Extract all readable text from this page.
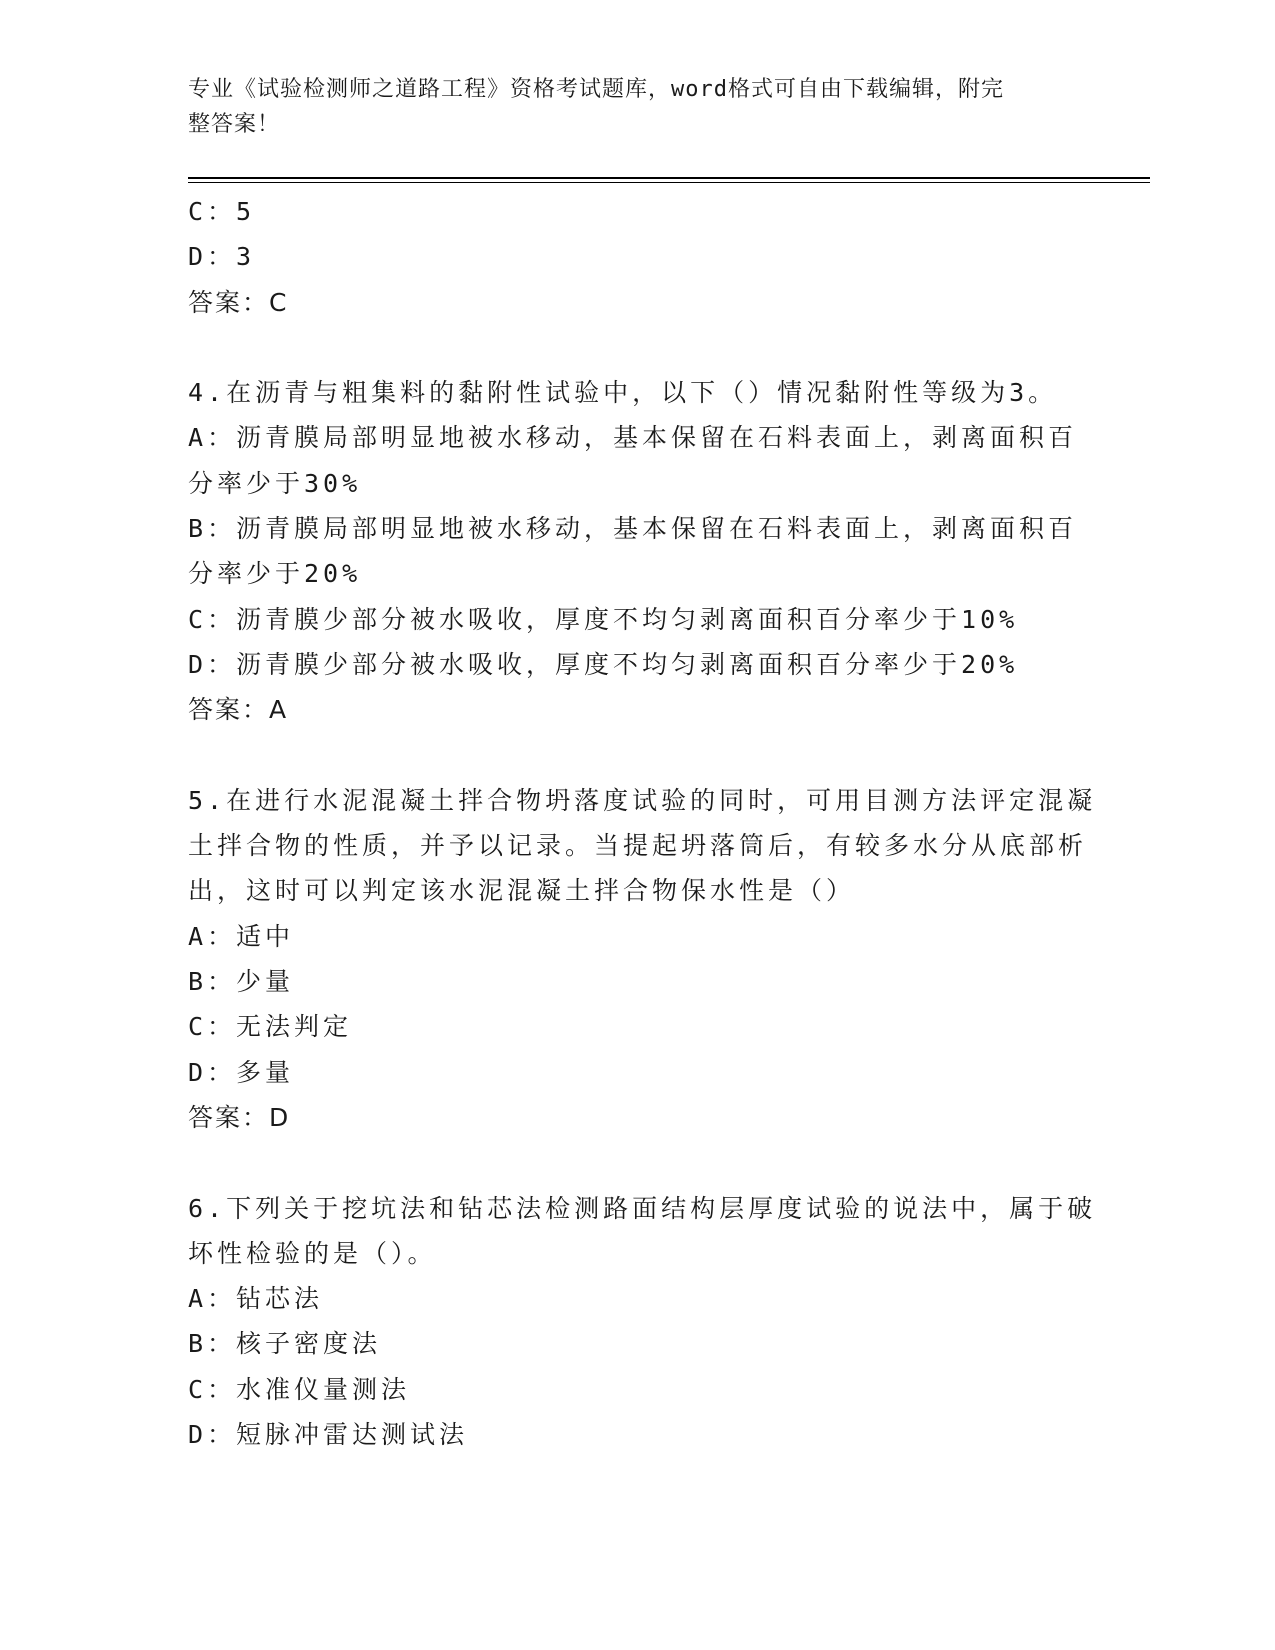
专业《试验检测师之道路工程》资格考试题库，word格式可自由下载编辑，附完
整答案！
C：5
D：3
答案：C
4.在沥青与粗集料的黏附性试验中，以下（）情况黏附性等级为3。
A：沥青膜局部明显地被水移动，基本保留在石料表面上，剥离面积百
分率少于30%
B：沥青膜局部明显地被水移动，基本保留在石料表面上，剥离面积百
分率少于20%
C：沥青膜少部分被水吸收，厚度不均匀剥离面积百分率少于10%
D：沥青膜少部分被水吸收，厚度不均匀剥离面积百分率少于20%
答案：A
5.在进行水泥混凝土拌合物坍落度试验的同时，可用目测方法评定混凝
土拌合物的性质，并予以记录。当提起坍落筒后，有较多水分从底部析
出，这时可以判定该水泥混凝土拌合物保水性是（）
A：适中
B：少量
C：无法判定
D：多量
答案：D
6.下列关于挖坑法和钻芯法检测路面结构层厚度试验的说法中，属于破
坏性检验的是（）。
A：钻芯法
B：核子密度法
C：水准仪量测法
D：短脉冲雷达测试法
